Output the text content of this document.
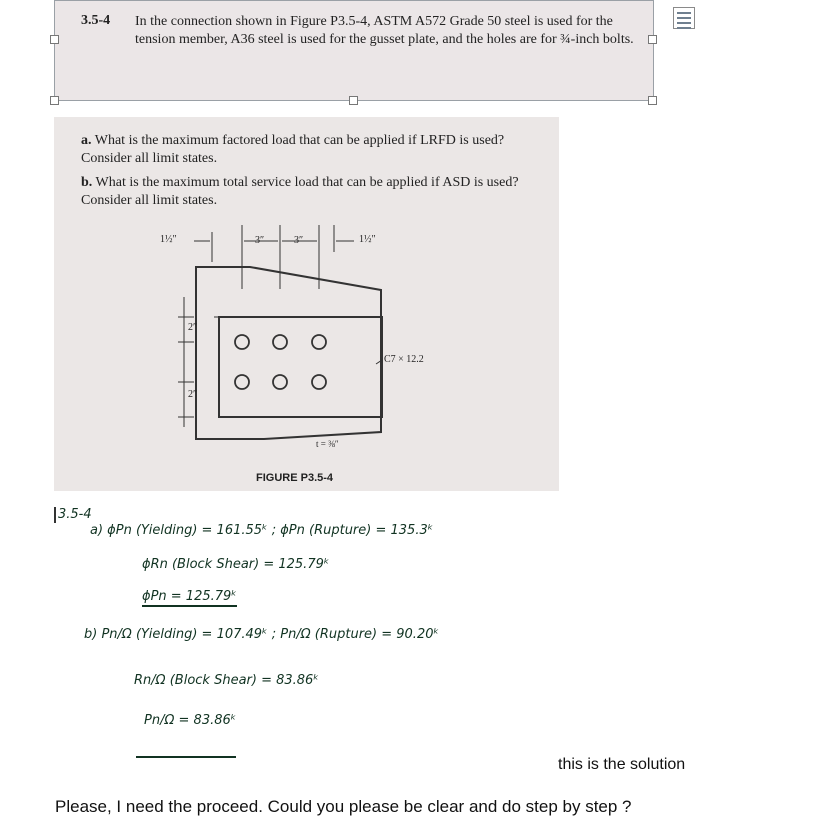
3.5-4 In the connection shown in Figure P3.5-4, ASTM A572 Grade 50 steel is used for the tension member, A36 steel is used for the gusset plate, and the holes are for ¾-inch bolts.
a. What is the maximum factored load that can be applied if LRFD is used? Consider all limit states.
b. What is the maximum total service load that can be applied if ASD is used? Consider all limit states.
1½″	3″	3″	1½″
2″
2″
C7 × 12.2
t = ⅜″
FIGURE P3.5-4
3.5-4
a) ϕPn (Yielding) = 161.55ᵏ ; ϕPn (Rupture) = 135.3ᵏ
ϕRn (Block Shear) = 125.79ᵏ
ϕPn = 125.79ᵏ
b) Pn/Ω (Yielding) = 107.49ᵏ ; Pn/Ω (Rupture) = 90.20ᵏ
Rn/Ω (Block Shear) = 83.86ᵏ
Pn/Ω = 83.86ᵏ
this is the solution
Please, I need the proceed. Could you please be clear and do step by step ?
